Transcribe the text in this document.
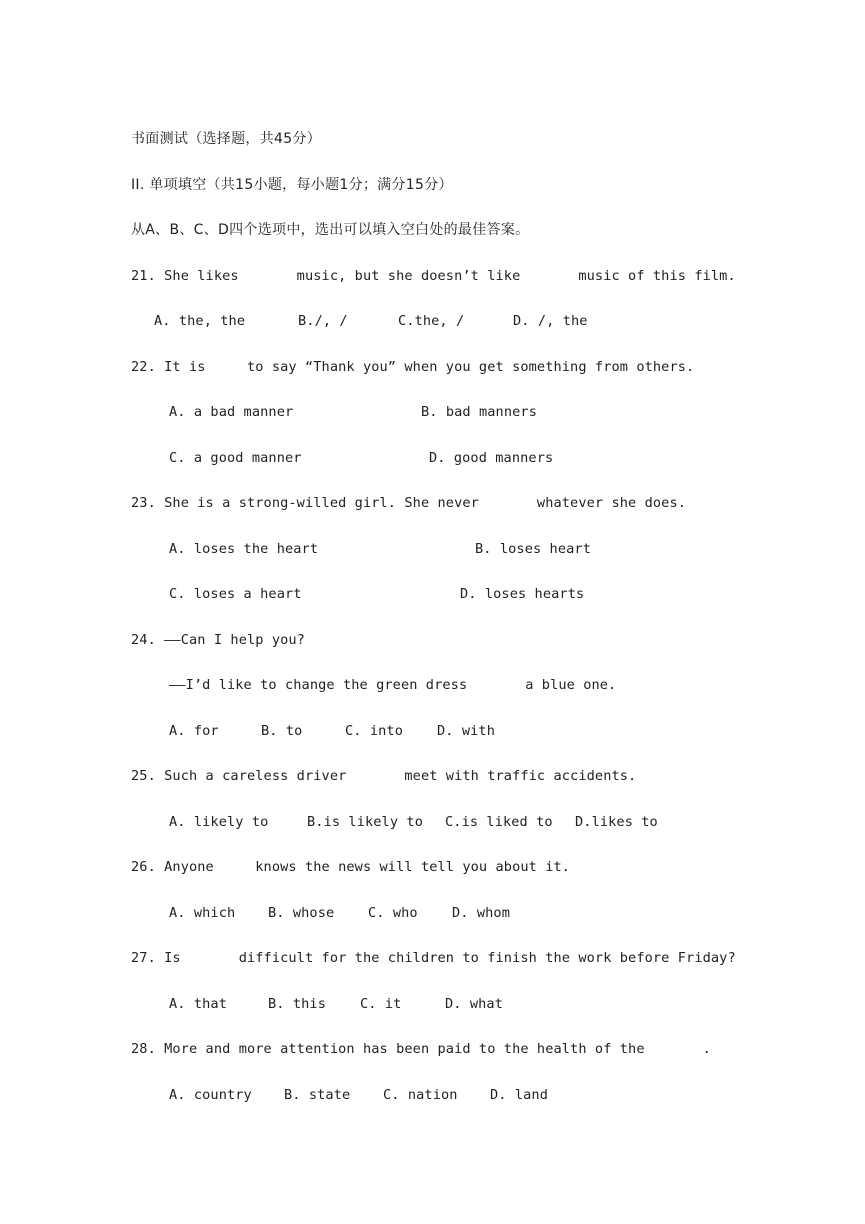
书面测试（选择题，共45分）
II. 单项填空（共15小题，每小题1分；满分15分）
从A、B、C、D四个选项中，选出可以填入空白处的最佳答案。
21. She likes       music, but she doesn’t like       music of this film.
A. the, the	B./, /	C.the, /	D. /, the
22. It is     to say “Thank you” when you get something from others.
A. a bad manner	B. bad manners
C. a good manner	D. good manners
23. She is a strong-willed girl. She never       whatever she does.
A. loses the heart	B. loses heart
C. loses a heart	D. loses hearts
24. ——Can I help you?
——I’d like to change the green dress       a blue one.
A. for	B. to	C. into	D. with
25. Such a careless driver       meet with traffic accidents.
A. likely to	B.is likely to C.is liked to D.likes to
26. Anyone     knows the news will tell you about it.
A. which B. whose C. who	D. whom
27. Is       difficult for the children to finish the work before Friday?
A. that	B. this	C. it	D. what
28. More and more attention has been paid to the health of the       .
A. country B. state C. nation D. land
